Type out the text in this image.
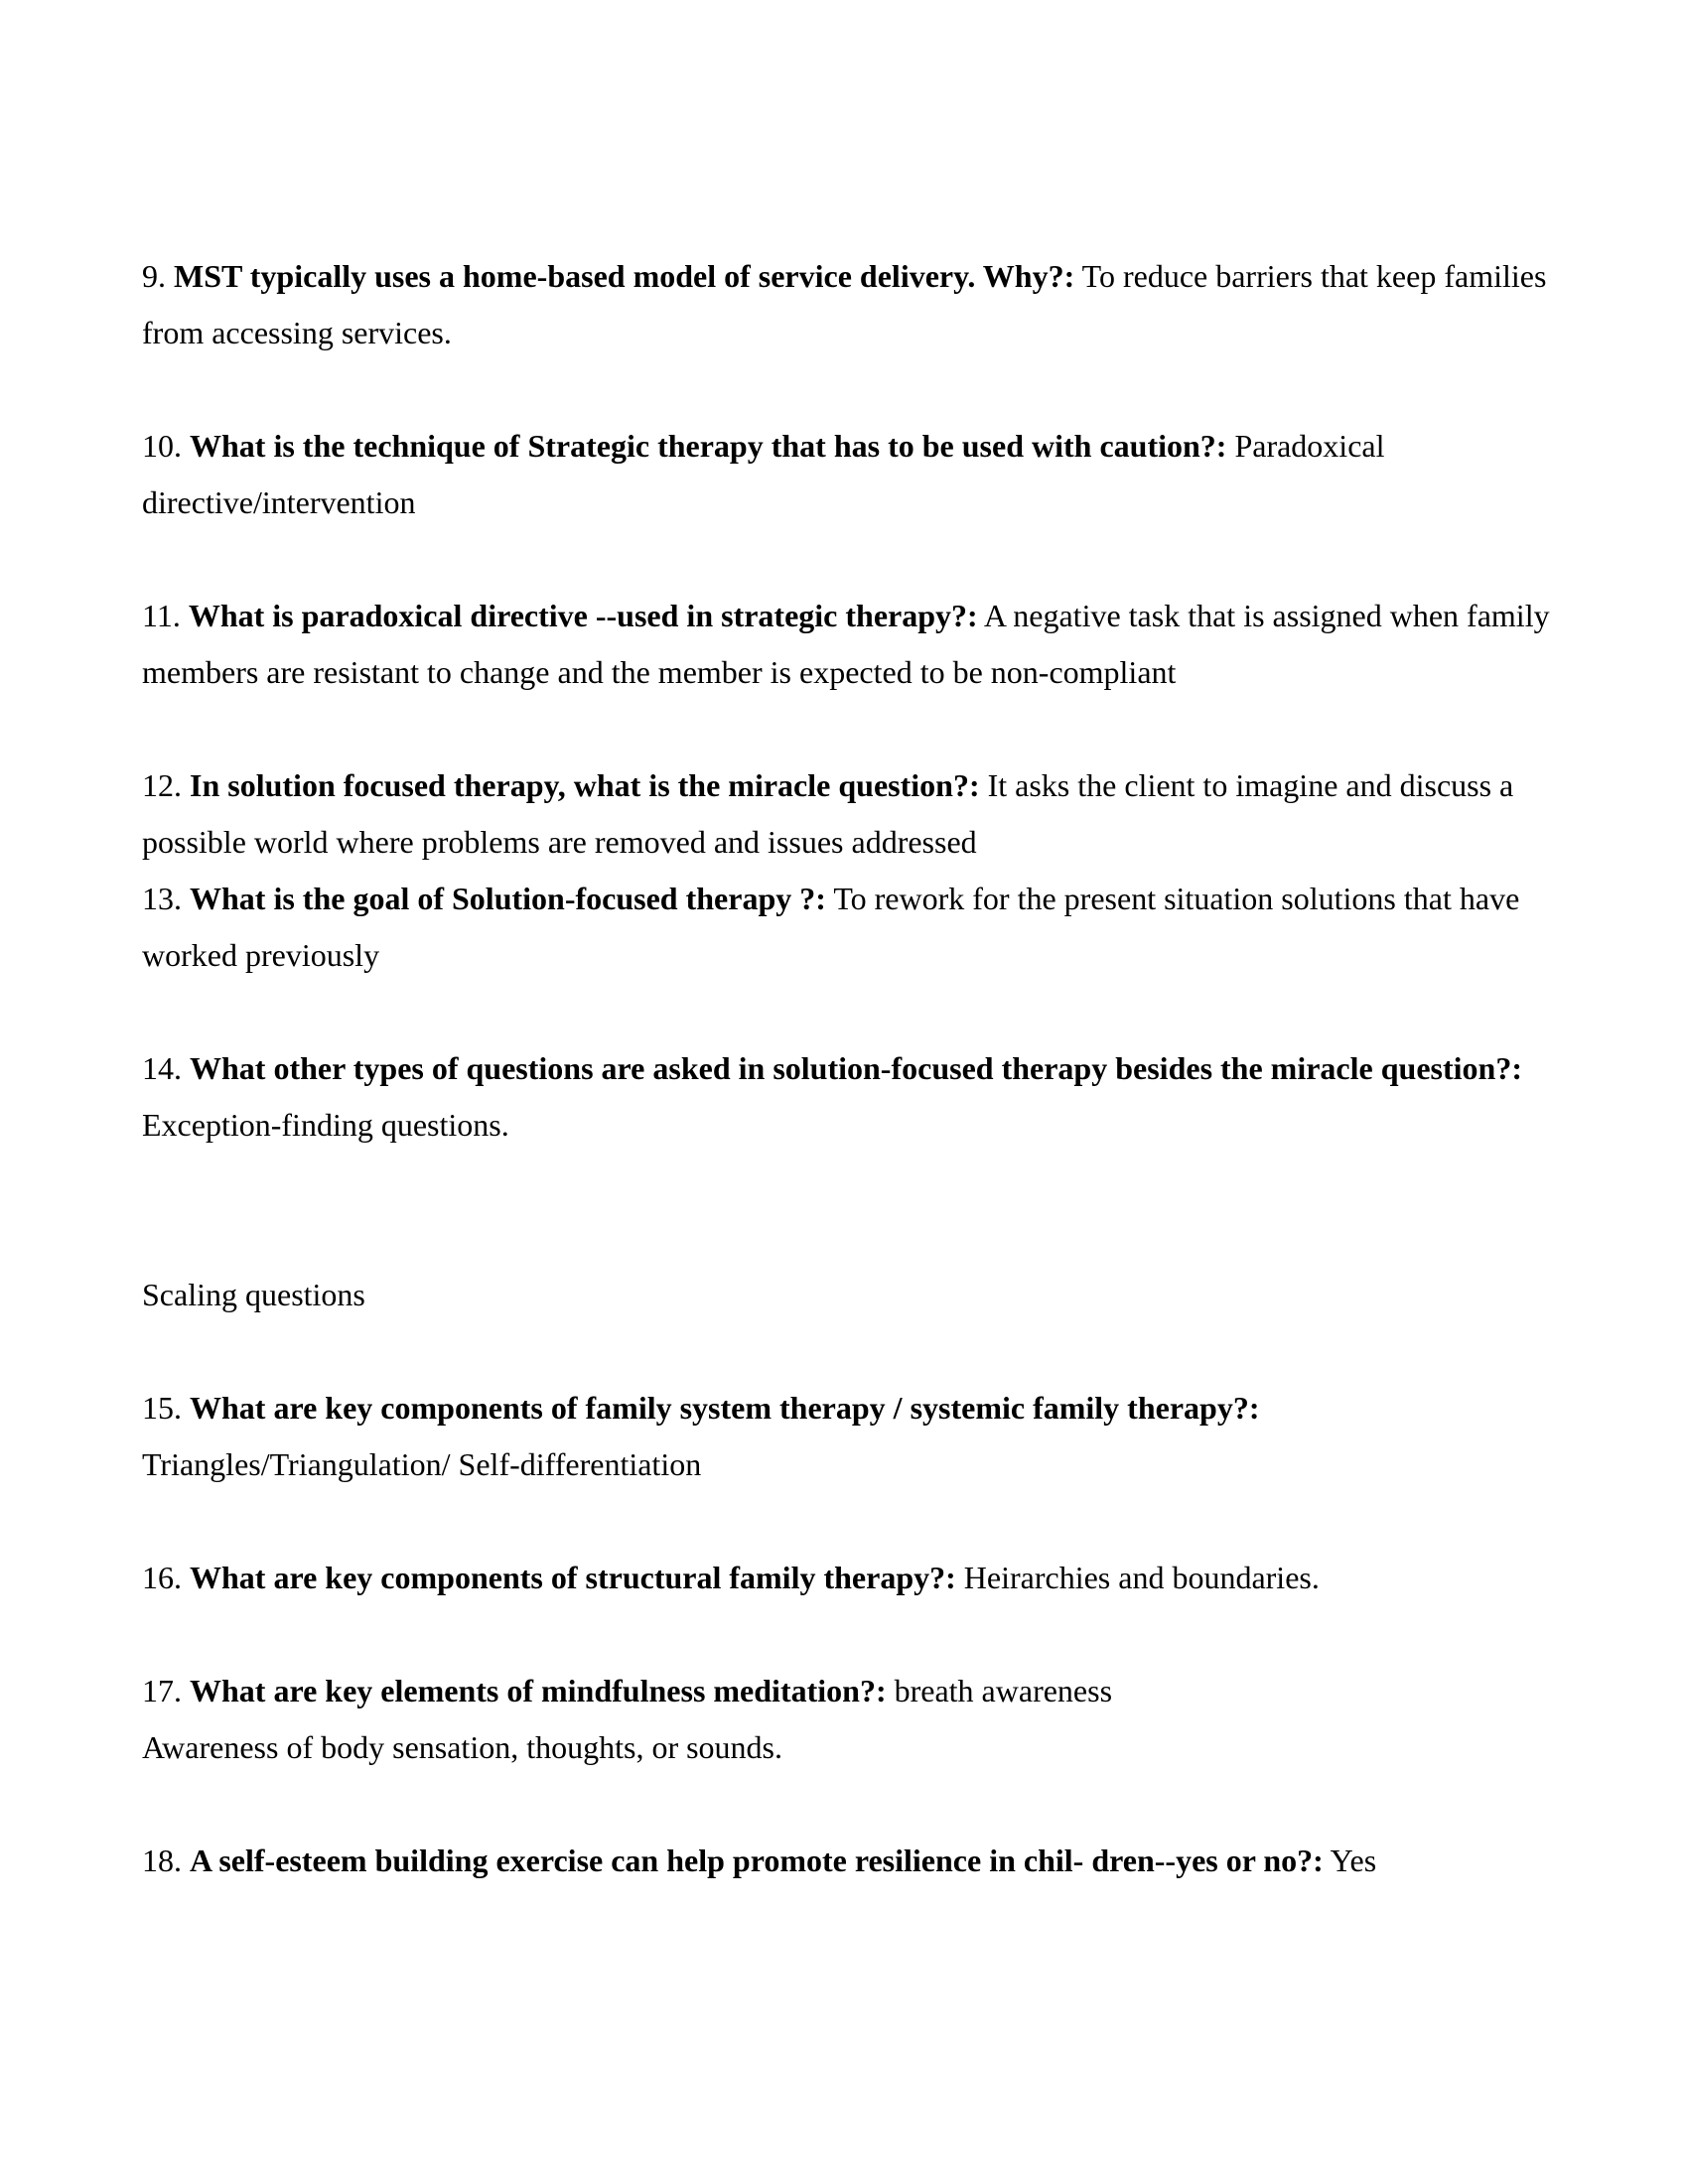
9. MST typically uses a home-based model of service delivery. Why?: To reduce barriers that keep families from accessing services.

10. What is the technique of Strategic therapy that has to be used with caution?: Paradoxical directive/intervention

11. What is paradoxical directive --used in strategic therapy?: A negative task that is assigned when family members are resistant to change and the member is expected to be non-compliant

12. In solution focused therapy, what is the miracle question?: It asks the client to imagine and discuss a possible world where problems are removed and issues addressed

13. What is the goal of Solution-focused therapy ?: To rework for the present situation solutions that have worked previously

14. What other types of questions are asked in solution-focused therapy besides the miracle question?: Exception-finding questions.

Scaling questions

15. What are key components of family system therapy / systemic family therapy?: Triangles/Triangulation/ Self-differentiation

16. What are key components of structural family therapy?: Heirarchies and boundaries.

17. What are key elements of mindfulness meditation?: breath awareness
Awareness of body sensation, thoughts, or sounds.

18. A self-esteem building exercise can help promote resilience in chil- dren--yes or no?: Yes
